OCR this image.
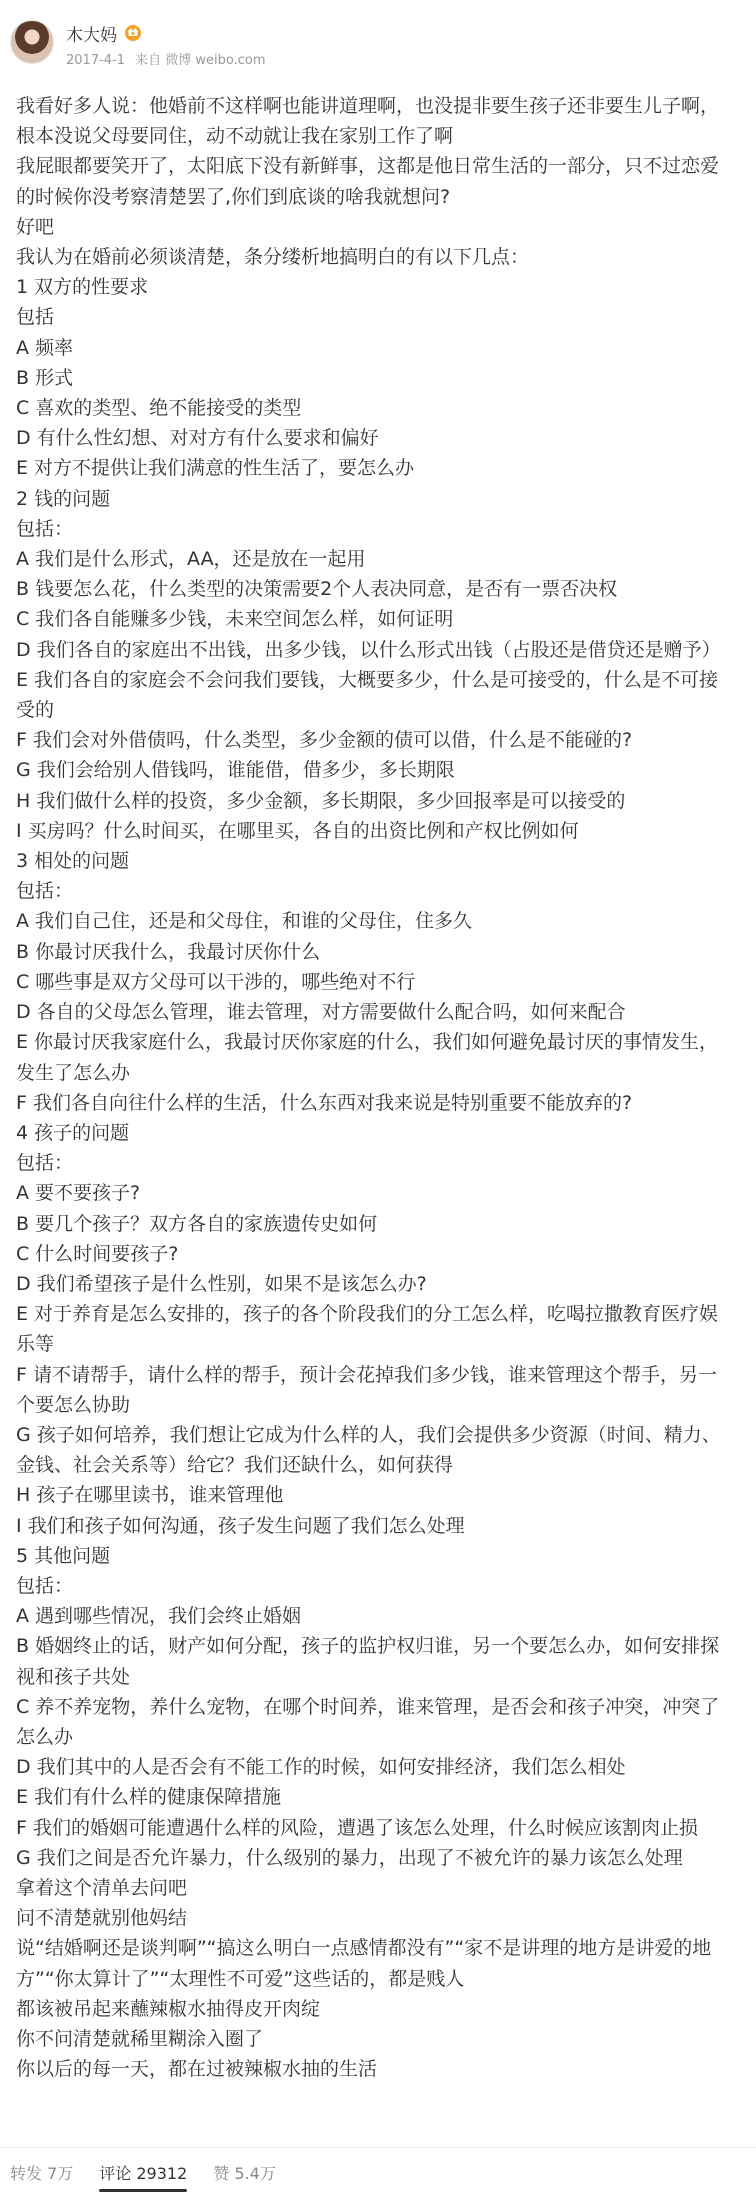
木大妈
2017-4-1 来自 微博 weibo.com

我看好多人说：他婚前不这样啊也能讲道理啊，也没提非要生孩子还非要生儿子啊，根本没说父母要同住，动不动就让我在家别工作了啊

我屁眼都要笑开了，太阳底下没有新鲜事，这都是他日常生活的一部分，只不过恋爱的时候你没考察清楚罢了,你们到底谈的啥我就想问?

好吧

我认为在婚前必须谈清楚，条分缕析地搞明白的有以下几点：

1 双方的性要求

包括

A 频率

B 形式

C 喜欢的类型、绝不能接受的类型

D 有什么性幻想、对对方有什么要求和偏好

E 对方不提供让我们满意的性生活了，要怎么办

2 钱的问题

包括：

A 我们是什么形式，AA，还是放在一起用

B 钱要怎么花，什么类型的决策需要2个人表决同意，是否有一票否决权

C 我们各自能赚多少钱，未来空间怎么样，如何证明

D 我们各自的家庭出不出钱，出多少钱，以什么形式出钱（占股还是借贷还是赠予）

E 我们各自的家庭会不会问我们要钱，大概要多少，什么是可接受的，什么是不可接受的

F 我们会对外借债吗，什么类型，多少金额的债可以借，什么是不能碰的?

G 我们会给别人借钱吗，谁能借，借多少，多长期限

H 我们做什么样的投资，多少金额，多长期限，多少回报率是可以接受的

I 买房吗？什么时间买，在哪里买，各自的出资比例和产权比例如何

3 相处的问题

包括：

A 我们自己住，还是和父母住，和谁的父母住，住多久

B 你最讨厌我什么，我最讨厌你什么

C 哪些事是双方父母可以干涉的，哪些绝对不行

D 各自的父母怎么管理，谁去管理，对方需要做什么配合吗，如何来配合

E 你最讨厌我家庭什么，我最讨厌你家庭的什么，我们如何避免最讨厌的事情发生，发生了怎么办

F 我们各自向往什么样的生活，什么东西对我来说是特别重要不能放弃的?

4 孩子的问题

包括：

A 要不要孩子?

B 要几个孩子？双方各自的家族遗传史如何

C 什么时间要孩子?

D 我们希望孩子是什么性别，如果不是该怎么办?

E 对于养育是怎么安排的，孩子的各个阶段我们的分工怎么样，吃喝拉撒教育医疗娱乐等

F 请不请帮手，请什么样的帮手，预计会花掉我们多少钱，谁来管理这个帮手，另一个要怎么协助

G 孩子如何培养，我们想让它成为什么样的人，我们会提供多少资源（时间、精力、金钱、社会关系等）给它？我们还缺什么，如何获得

H 孩子在哪里读书，谁来管理他

I 我们和孩子如何沟通，孩子发生问题了我们怎么处理

5 其他问题

包括：

A 遇到哪些情况，我们会终止婚姻

B 婚姻终止的话，财产如何分配，孩子的监护权归谁，另一个要怎么办，如何安排探视和孩子共处

C 养不养宠物，养什么宠物，在哪个时间养，谁来管理，是否会和孩子冲突，冲突了怎么办

D 我们其中的人是否会有不能工作的时候，如何安排经济，我们怎么相处

E 我们有什么样的健康保障措施

F 我们的婚姻可能遭遇什么样的风险，遭遇了该怎么处理，什么时候应该割肉止损

G 我们之间是否允许暴力，什么级别的暴力，出现了不被允许的暴力该怎么处理

拿着这个清单去问吧

问不清楚就别他妈结

说“结婚啊还是谈判啊”“搞这么明白一点感情都没有”“家不是讲理的地方是讲爱的地方”“你太算计了”“太理性不可爱”这些话的，都是贱人

都该被吊起来蘸辣椒水抽得皮开肉绽

你不问清楚就稀里糊涂入圈了

你以后的每一天，都在过被辣椒水抽的生活

转发 7万 评论 29312 赞 5.4万
